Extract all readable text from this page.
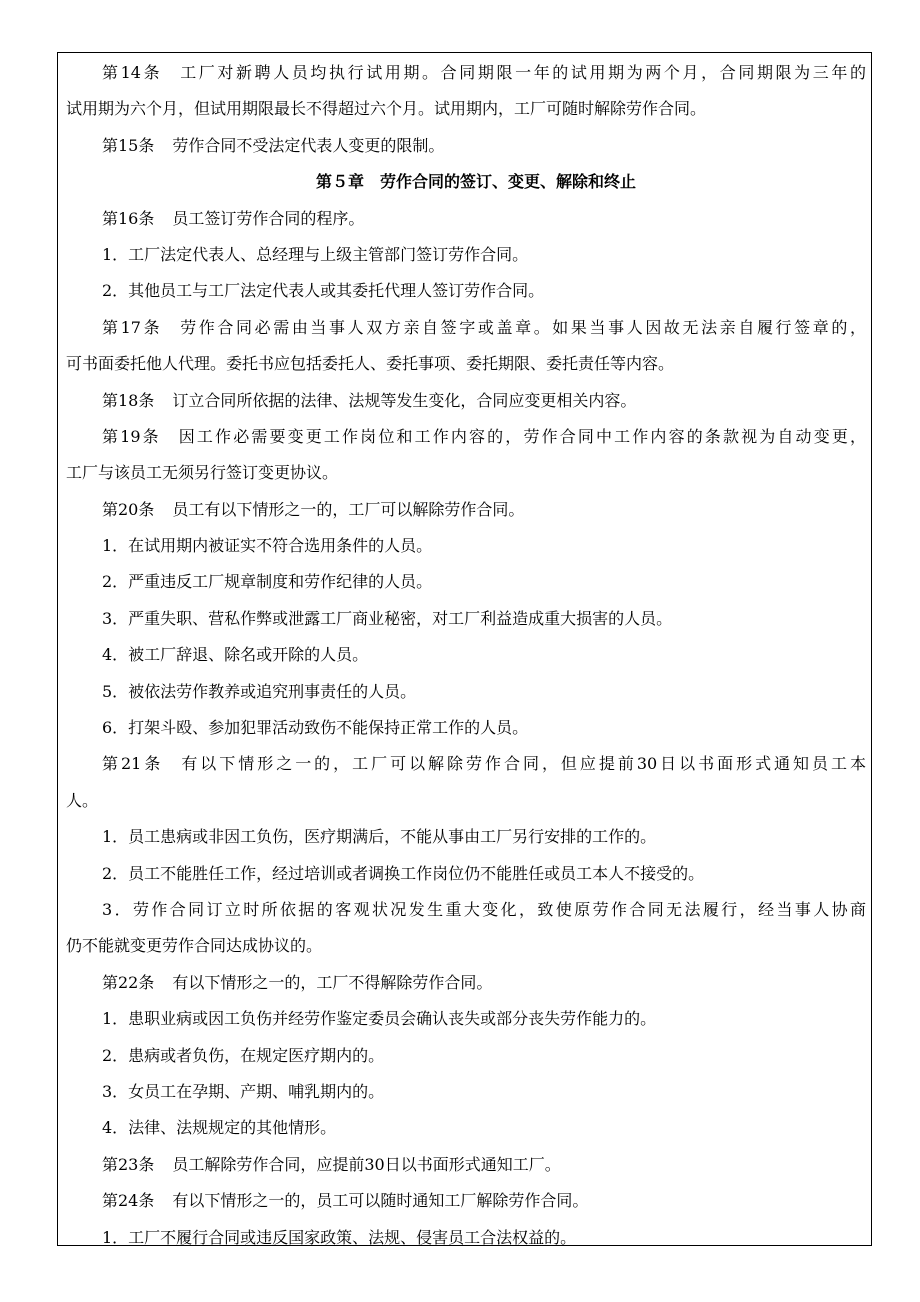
第14条 工厂对新聘人员均执行试用期。合同期限一年的试用期为两个月，合同期限为三年的
试用期为六个月，但试用期限最长不得超过六个月。试用期内，工厂可随时解除劳作合同。
第15条 劳作合同不受法定代表人变更的限制。
第５章　劳作合同的签订、变更、解除和终止
第16条 员工签订劳作合同的程序。
1．工厂法定代表人、总经理与上级主管部门签订劳作合同。
2．其他员工与工厂法定代表人或其委托代理人签订劳作合同。
第17条 劳作合同必需由当事人双方亲自签字或盖章。如果当事人因故无法亲自履行签章的，
可书面委托他人代理。委托书应包括委托人、委托事项、委托期限、委托责任等内容。
第18条 订立合同所依据的法律、法规等发生变化，合同应变更相关内容。
第19条 因工作必需要变更工作岗位和工作内容的，劳作合同中工作内容的条款视为自动变更，
工厂与该员工无须另行签订变更协议。
第20条 员工有以下情形之一的，工厂可以解除劳作合同。
1．在试用期内被证实不符合选用条件的人员。
2．严重违反工厂规章制度和劳作纪律的人员。
3．严重失职、营私作弊或泄露工厂商业秘密，对工厂利益造成重大损害的人员。
4．被工厂辞退、除名或开除的人员。
5．被依法劳作教养或追究刑事责任的人员。
6．打架斗殴、参加犯罪活动致伤不能保持正常工作的人员。
第21条 有以下情形之一的，工厂可以解除劳作合同，但应提前30日以书面形式通知员工本
人。
1．员工患病或非因工负伤，医疗期满后，不能从事由工厂另行安排的工作的。
2．员工不能胜任工作，经过培训或者调换工作岗位仍不能胜任或员工本人不接受的。
3．劳作合同订立时所依据的客观状况发生重大变化，致使原劳作合同无法履行，经当事人协商
仍不能就变更劳作合同达成协议的。
第22条 有以下情形之一的，工厂不得解除劳作合同。
1．患职业病或因工负伤并经劳作鉴定委员会确认丧失或部分丧失劳作能力的。
2．患病或者负伤，在规定医疗期内的。
3．女员工在孕期、产期、哺乳期内的。
4．法律、法规规定的其他情形。
第23条 员工解除劳作合同，应提前30日以书面形式通知工厂。
第24条 有以下情形之一的，员工可以随时通知工厂解除劳作合同。
1．工厂不履行合同或违反国家政策、法规、侵害员工合法权益的。
